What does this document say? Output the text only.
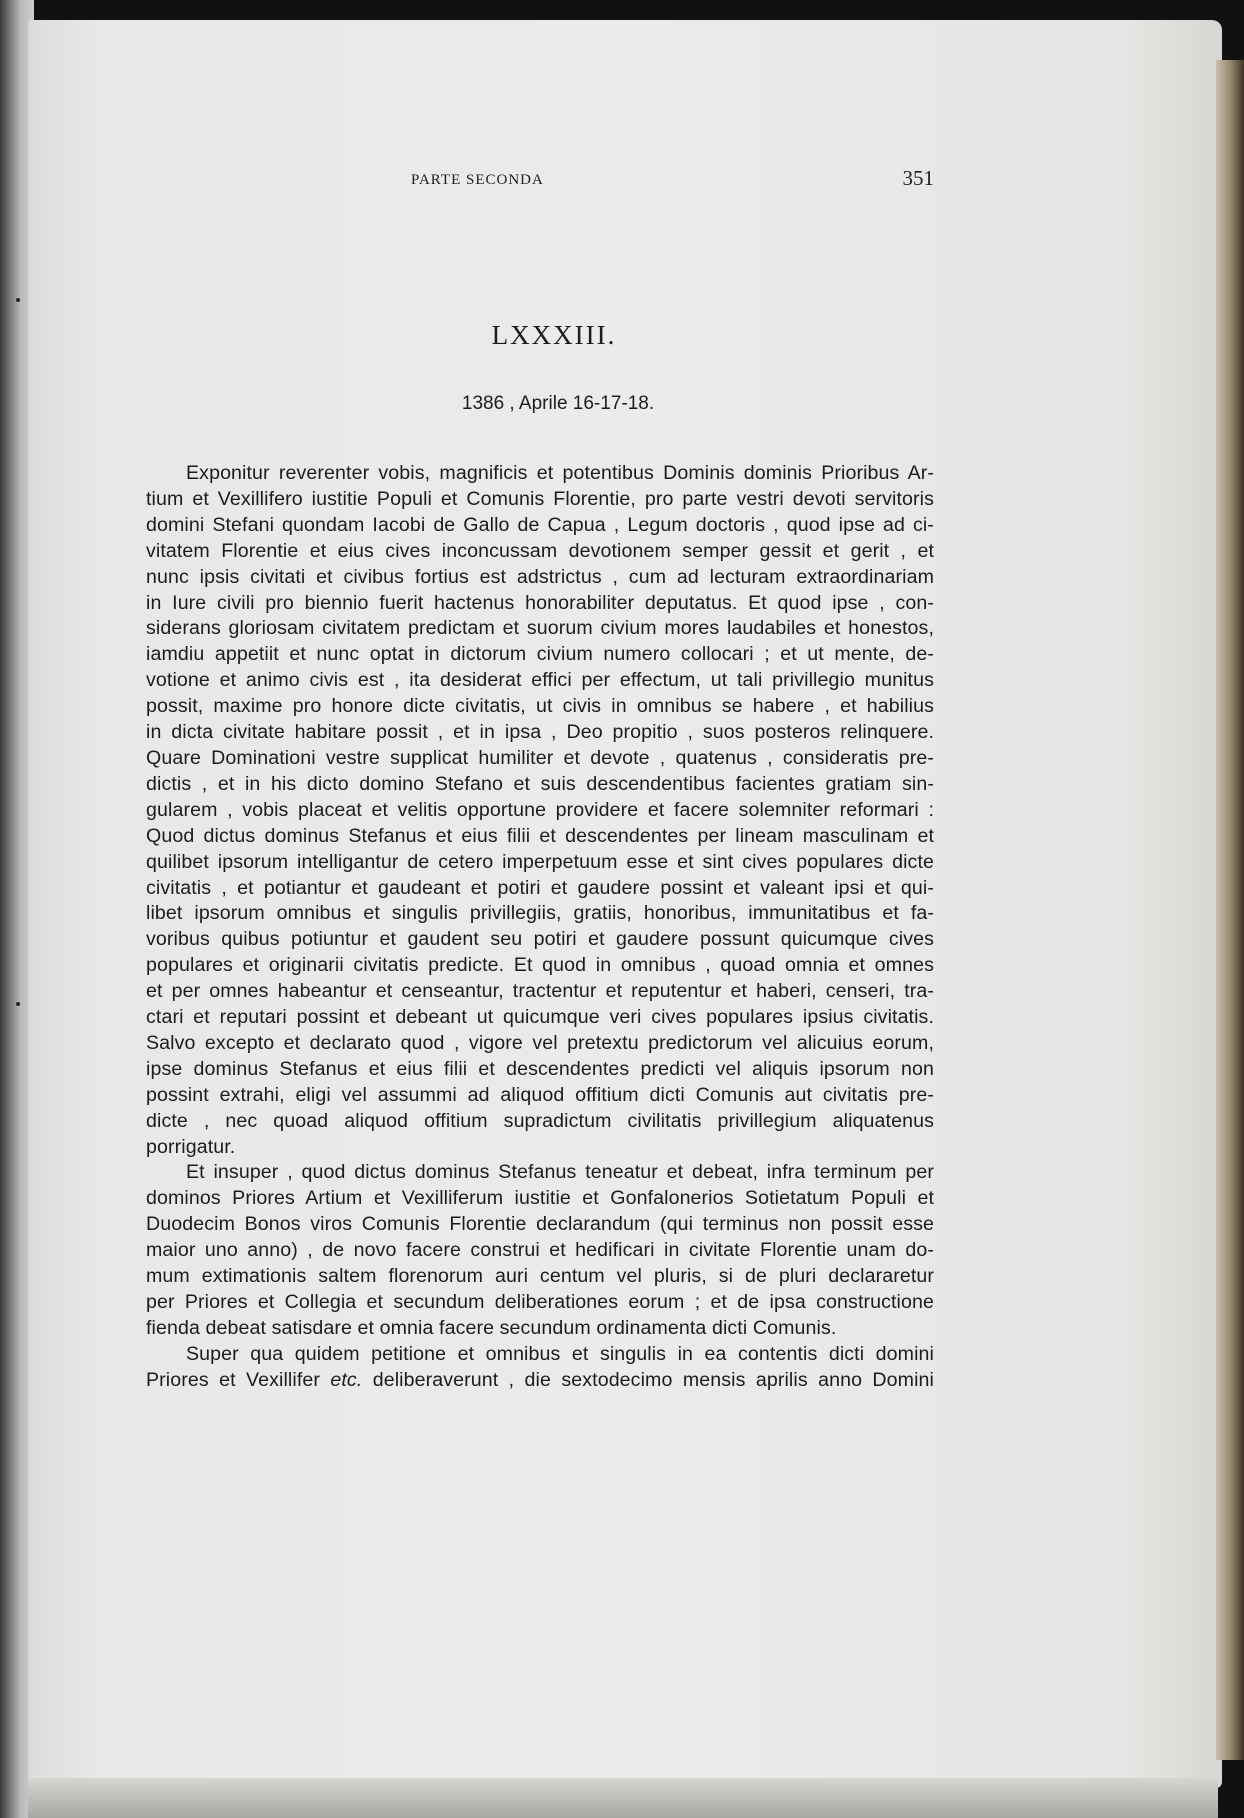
PARTE SECONDA	351
LXXXIII.
1386 , Aprile 16-17-18.
Exponitur reverenter vobis, magnificis et potentibus Dominis dominis Prioribus Ar-
tium et Vexillifero iustitie Populi et Comunis Florentie, pro parte vestri devoti servitoris
domini Stefani quondam Iacobi de Gallo de Capua , Legum doctoris , quod ipse ad ci-
vitatem Florentie et eius cives inconcussam devotionem semper gessit et gerit , et
nunc ipsis civitati et civibus fortius est adstrictus , cum ad lecturam extraordinariam
in Iure civili pro biennio fuerit hactenus honorabiliter deputatus. Et quod ipse , con-
siderans gloriosam civitatem predictam et suorum civium mores laudabiles et honestos,
iamdiu appetiit et nunc optat in dictorum civium numero collocari ; et ut mente, de-
votione et animo civis est , ita desiderat effici per effectum, ut tali privillegio munitus
possit, maxime pro honore dicte civitatis, ut civis in omnibus se habere , et habilius
in dicta civitate habitare possit , et in ipsa , Deo propitio , suos posteros relinquere.
Quare Dominationi vestre supplicat humiliter et devote , quatenus , consideratis pre-
dictis , et in his dicto domino Stefano et suis descendentibus facientes gratiam sin-
gularem , vobis placeat et velitis opportune providere et facere solemniter reformari :
Quod dictus dominus Stefanus et eius filii et descendentes per lineam masculinam et
quilibet ipsorum intelligantur de cetero imperpetuum esse et sint cives populares dicte
civitatis , et potiantur et gaudeant et potiri et gaudere possint et valeant ipsi et qui-
libet ipsorum omnibus et singulis privillegiis, gratiis, honoribus, immunitatibus et fa-
voribus quibus potiuntur et gaudent seu potiri et gaudere possunt quicumque cives
populares et originarii civitatis predicte. Et quod in omnibus , quoad omnia et omnes
et per omnes habeantur et censeantur, tractentur et reputentur et haberi, censeri, tra-
ctari et reputari possint et debeant ut quicumque veri cives populares ipsius civitatis.
Salvo excepto et declarato quod , vigore vel pretextu predictorum vel alicuius eorum,
ipse dominus Stefanus et eius filii et descendentes predicti vel aliquis ipsorum non
possint extrahi, eligi vel assummi ad aliquod offitium dicti Comunis aut civitatis pre-
dicte , nec quoad aliquod offitium supradictum civilitatis privillegium aliquatenus
porrigatur.
Et insuper , quod dictus dominus Stefanus teneatur et debeat, infra terminum per
dominos Priores Artium et Vexilliferum iustitie et Gonfalonerios Sotietatum Populi et
Duodecim Bonos viros Comunis Florentie declarandum (qui terminus non possit esse
maior uno anno) , de novo facere construi et hedificari in civitate Florentie unam do-
mum extimationis saltem florenorum auri centum vel pluris, si de pluri declararetur
per Priores et Collegia et secundum deliberationes eorum ; et de ipsa constructione
fienda debeat satisdare et omnia facere secundum ordinamenta dicti Comunis.
Super qua quidem petitione et omnibus et singulis in ea contentis dicti domini
Priores et Vexillifer etc. deliberaverunt , die sextodecimo mensis aprilis anno Domini
